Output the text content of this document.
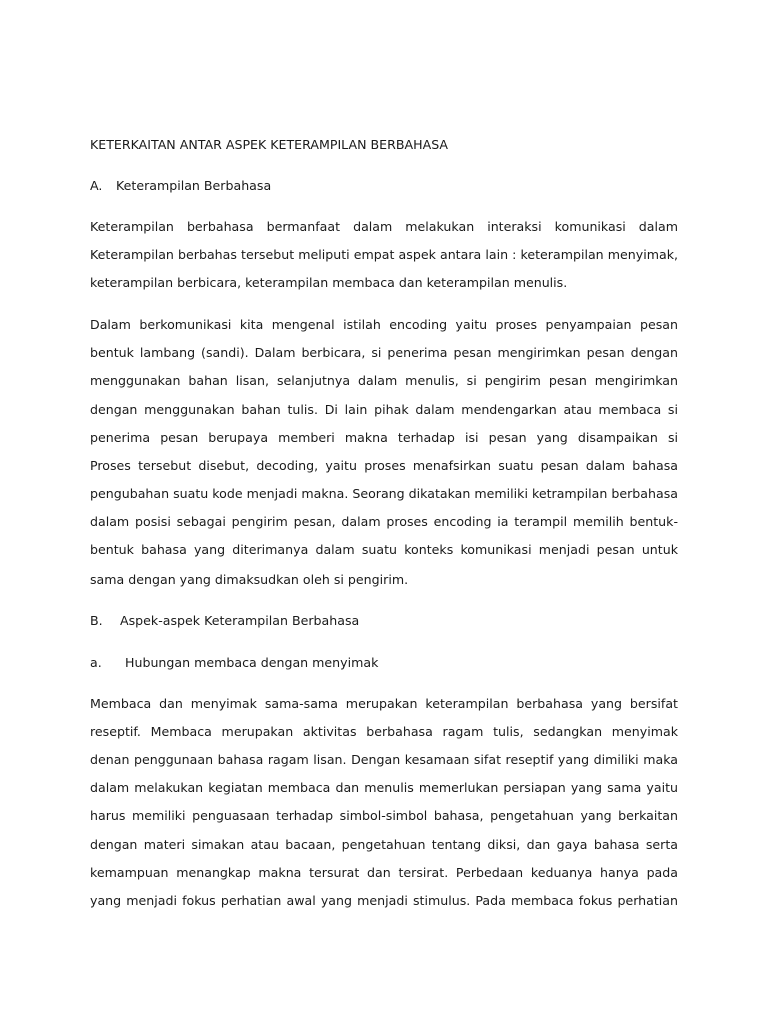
KETERKAITAN ANTAR ASPEK KETERAMPILAN BERBAHASA
A. Keterampilan Berbahasa
Keterampilan berbahasa bermanfaat dalam melakukan interaksi komunikasi dalam
Keterampilan berbahas tersebut meliputi empat aspek antara lain : keterampilan menyimak,
keterampilan berbicara, keterampilan membaca dan keterampilan menulis.
Dalam berkomunikasi kita mengenal istilah encoding yaitu proses penyampaian pesan
bentuk lambang (sandi). Dalam berbicara, si penerima pesan mengirimkan pesan dengan
menggunakan bahan lisan, selanjutnya dalam menulis, si pengirim pesan mengirimkan
dengan menggunakan bahan tulis. Di lain pihak dalam mendengarkan atau membaca si
penerima pesan berupaya memberi makna terhadap isi pesan yang disampaikan si
Proses tersebut disebut, decoding, yaitu proses menafsirkan suatu pesan dalam bahasa
pengubahan suatu kode menjadi makna. Seorang dikatakan memiliki ketrampilan berbahasa
dalam posisi sebagai pengirim pesan, dalam proses encoding ia terampil memilih bentuk-
bentuk bahasa yang diterimanya dalam suatu konteks komunikasi menjadi pesan untuk
sama dengan yang dimaksudkan oleh si pengirim.
B. Aspek-aspek Keterampilan Berbahasa
a. Hubungan membaca dengan menyimak
Membaca dan menyimak sama-sama merupakan keterampilan berbahasa yang bersifat
reseptif. Membaca merupakan aktivitas berbahasa ragam tulis, sedangkan menyimak
denan penggunaan bahasa ragam lisan. Dengan kesamaan sifat reseptif yang dimiliki maka
dalam melakukan kegiatan membaca dan menulis memerlukan persiapan yang sama yaitu
harus memiliki penguasaan terhadap simbol-simbol bahasa, pengetahuan yang berkaitan
dengan materi simakan atau bacaan, pengetahuan tentang diksi, dan gaya bahasa serta
kemampuan menangkap makna tersurat dan tersirat. Perbedaan keduanya hanya pada
yang menjadi fokus perhatian awal yang menjadi stimulus. Pada membaca fokus perhatian
